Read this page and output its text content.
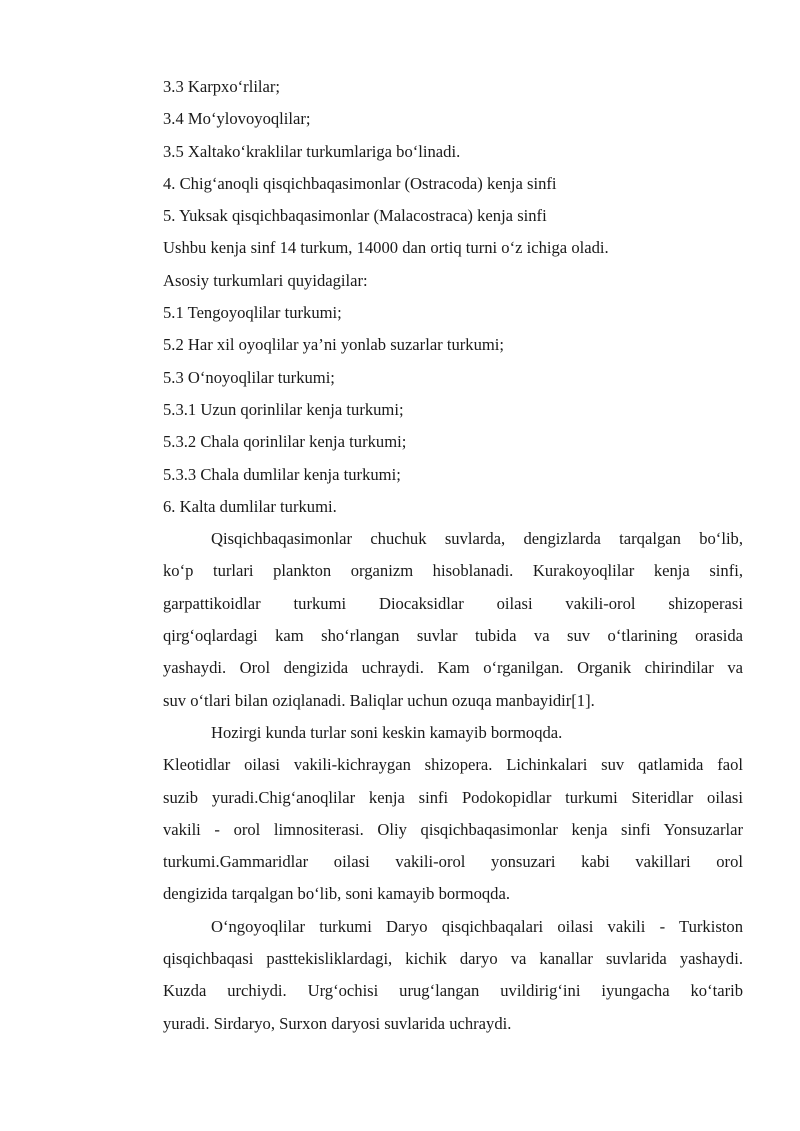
3.3 Karpxo‘rlilar;
3.4 Mo‘ylovoyoqlilar;
3.5 Xaltako‘kraklilar turkumlariga bo‘linadi.
4. Chig‘anoqli qisqichbaqasimonlar (Ostracoda) kenja sinfi
5. Yuksak qisqichbaqasimonlar (Malacostraca) kenja sinfi
Ushbu kenja sinf 14 turkum, 14000 dan ortiq turni o‘z ichiga oladi.
Asosiy turkumlari quyidagilar:
5.1 Tengoyoqlilar turkumi;
5.2 Har xil oyoqlilar ya’ni yonlab suzarlar turkumi;
5.3 O‘noyoqlilar turkumi;
5.3.1 Uzun qorinlilar kenja turkumi;
5.3.2 Chala qorinlilar kenja turkumi;
5.3.3 Chala dumlilar kenja turkumi;
6. Kalta dumlilar turkumi.
Qisqichbaqasimonlar chuchuk suvlarda, dengizlarda tarqalgan bo‘lib,
ko‘p turlari plankton organizm hisoblanadi. Kurakoyoqlilar kenja sinfi,
garpattikoidlar turkumi Diocaksidlar oilasi vakili-orol shizoperasi
qirg‘oqlardagi kam sho‘rlangan suvlar tubida va suv o‘tlarining orasida
yashaydi. Orol dengizida uchraydi. Kam o‘rganilgan. Organik chirindilar va
suv o‘tlari bilan oziqlanadi. Baliqlar uchun ozuqa manbayidir[1].
Hozirgi kunda turlar soni keskin kamayib bormoqda.
Kleotidlar oilasi vakili-kichraygan shizopera. Lichinkalari suv qatlamida faol
suzib yuradi.Chig‘anoqlilar kenja sinfi Podokopidlar turkumi Siteridlar oilasi
vakili - orol limnositerasi. Oliy qisqichbaqasimonlar kenja sinfi Yonsuzarlar
turkumi.Gammaridlar oilasi vakili-orol yonsuzari kabi vakillari orol
dengizida tarqalgan bo‘lib, soni kamayib bormoqda.
O‘ngoyoqlilar turkumi Daryo qisqichbaqalari oilasi vakili - Turkiston
qisqichbaqasi pasttekisliklardagi, kichik daryo va kanallar suvlarida yashaydi.
Kuzda urchiydi. Urg‘ochisi urug‘langan uvildirig‘ini iyungacha ko‘tarib
yuradi. Sirdaryo, Surxon daryosi suvlarida uchraydi.
